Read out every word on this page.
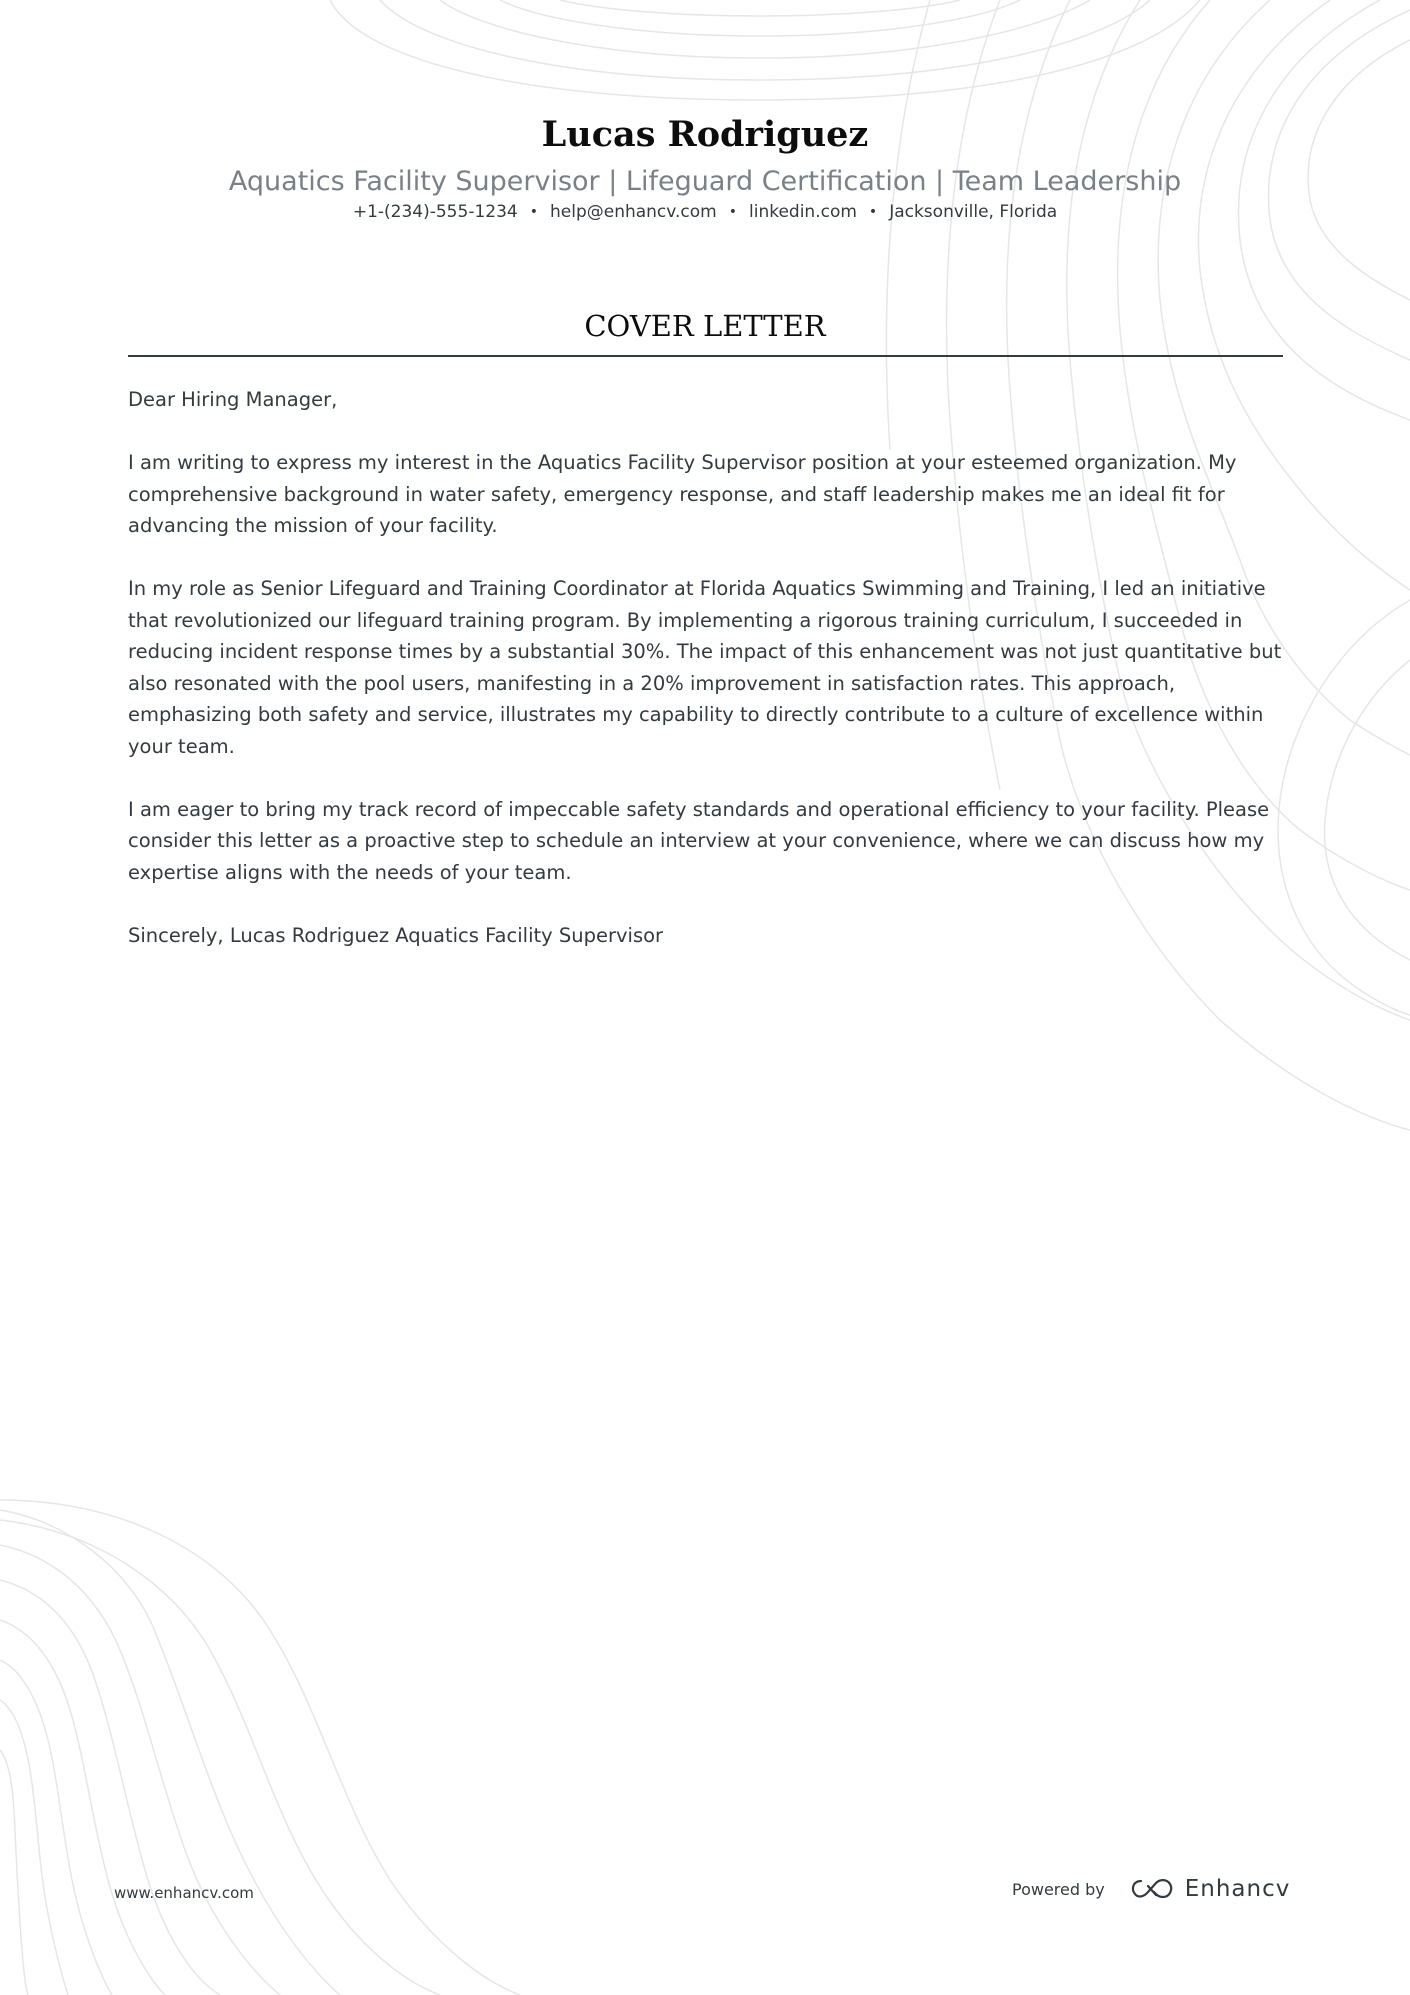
Lucas Rodriguez
Aquatics Facility Supervisor | Lifeguard Certification | Team Leadership
+1-(234)-555-1234 • help@enhancv.com • linkedin.com • Jacksonville, Florida
COVER LETTER

Dear Hiring Manager,

I am writing to express my interest in the Aquatics Facility Supervisor position at your esteemed organization. My comprehensive background in water safety, emergency response, and staff leadership makes me an ideal fit for advancing the mission of your facility.

In my role as Senior Lifeguard and Training Coordinator at Florida Aquatics Swimming and Training, I led an initiative that revolutionized our lifeguard training program. By implementing a rigorous training curriculum, I succeeded in reducing incident response times by a substantial 30%. The impact of this enhancement was not just quantitative but also resonated with the pool users, manifesting in a 20% improvement in satisfaction rates. This approach, emphasizing both safety and service, illustrates my capability to directly contribute to a culture of excellence within your team.

I am eager to bring my track record of impeccable safety standards and operational efficiency to your facility. Please consider this letter as a proactive step to schedule an interview at your convenience, where we can discuss how my expertise aligns with the needs of your team.

Sincerely, Lucas Rodriguez Aquatics Facility Supervisor

www.enhancv.com	Powered by	Enhancv
